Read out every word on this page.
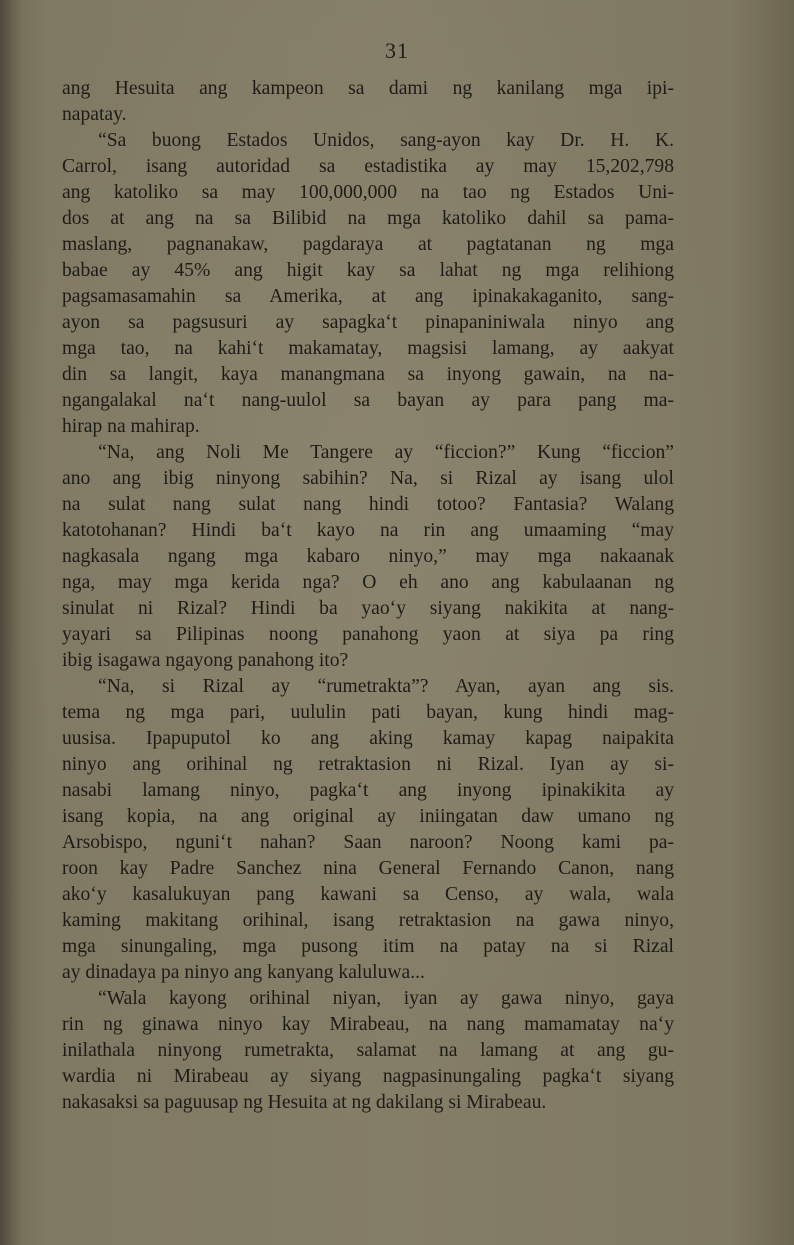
31
ang Hesuita ang kampeon sa dami ng kanilang mga ipi-
napatay.
“Sa buong Estados Unidos, sang-ayon kay Dr. H. K.
Carrol, isang autoridad sa estadistika ay may 15,202,798
ang katoliko sa may 100,000,000 na tao ng Estados Uni-
dos at ang na sa Bilibid na mga katoliko dahil sa pama-
maslang, pagnanakaw, pagdaraya at pagtatanan ng mga
babae ay 45% ang higit kay sa lahat ng mga relihiong
pagsamasamahin sa Amerika, at ang ipinakakaganito, sang-
ayon sa pagsusuri ay sapagka‘t pinapaniniwala ninyo ang
mga tao, na kahi‘t makamatay, magsisi lamang, ay aakyat
din sa langit, kaya manangmana sa inyong gawain, na na-
ngangalakal na‘t nang-uulol sa bayan ay para pang ma-
hirap na mahirap.
“Na, ang Noli Me Tangere ay “ficcion?” Kung “ficcion”
ano ang ibig ninyong sabihin? Na, si Rizal ay isang ulol
na sulat nang sulat nang hindi totoo? Fantasia? Walang
katotohanan? Hindi ba‘t kayo na rin ang umaaming “may
nagkasala ngang mga kabaro ninyo,” may mga nakaanak
nga, may mga kerida nga? O eh ano ang kabulaanan ng
sinulat ni Rizal? Hindi ba yao‘y siyang nakikita at nang-
yayari sa Pilipinas noong panahong yaon at siya pa ring
ibig isagawa ngayong panahong ito?
“Na, si Rizal ay “rumetrakta”? Ayan, ayan ang sis.
tema ng mga pari, uululin pati bayan, kung hindi mag-
uusisa. Ipapuputol ko ang aking kamay kapag naipakita
ninyo ang orihinal ng retraktasion ni Rizal. Iyan ay si-
nasabi lamang ninyo, pagka‘t ang inyong ipinakikita ay
isang kopia, na ang original ay iniingatan daw umano ng
Arsobispo, nguni‘t nahan? Saan naroon? Noong kami pa-
roon kay Padre Sanchez nina General Fernando Canon, nang
ako‘y kasalukuyan pang kawani sa Censo, ay wala, wala
kaming makitang orihinal, isang retraktasion na gawa ninyo,
mga sinungaling, mga pusong itim na patay na si Rizal
ay dinadaya pa ninyo ang kanyang kaluluwa...
“Wala kayong orihinal niyan, iyan ay gawa ninyo, gaya
rin ng ginawa ninyo kay Mirabeau, na nang mamamatay na‘y
inilathala ninyong rumetrakta, salamat na lamang at ang gu-
wardia ni Mirabeau ay siyang nagpasinungaling pagka‘t siyang
nakasaksi sa paguusap ng Hesuita at ng dakilang si Mirabeau.
